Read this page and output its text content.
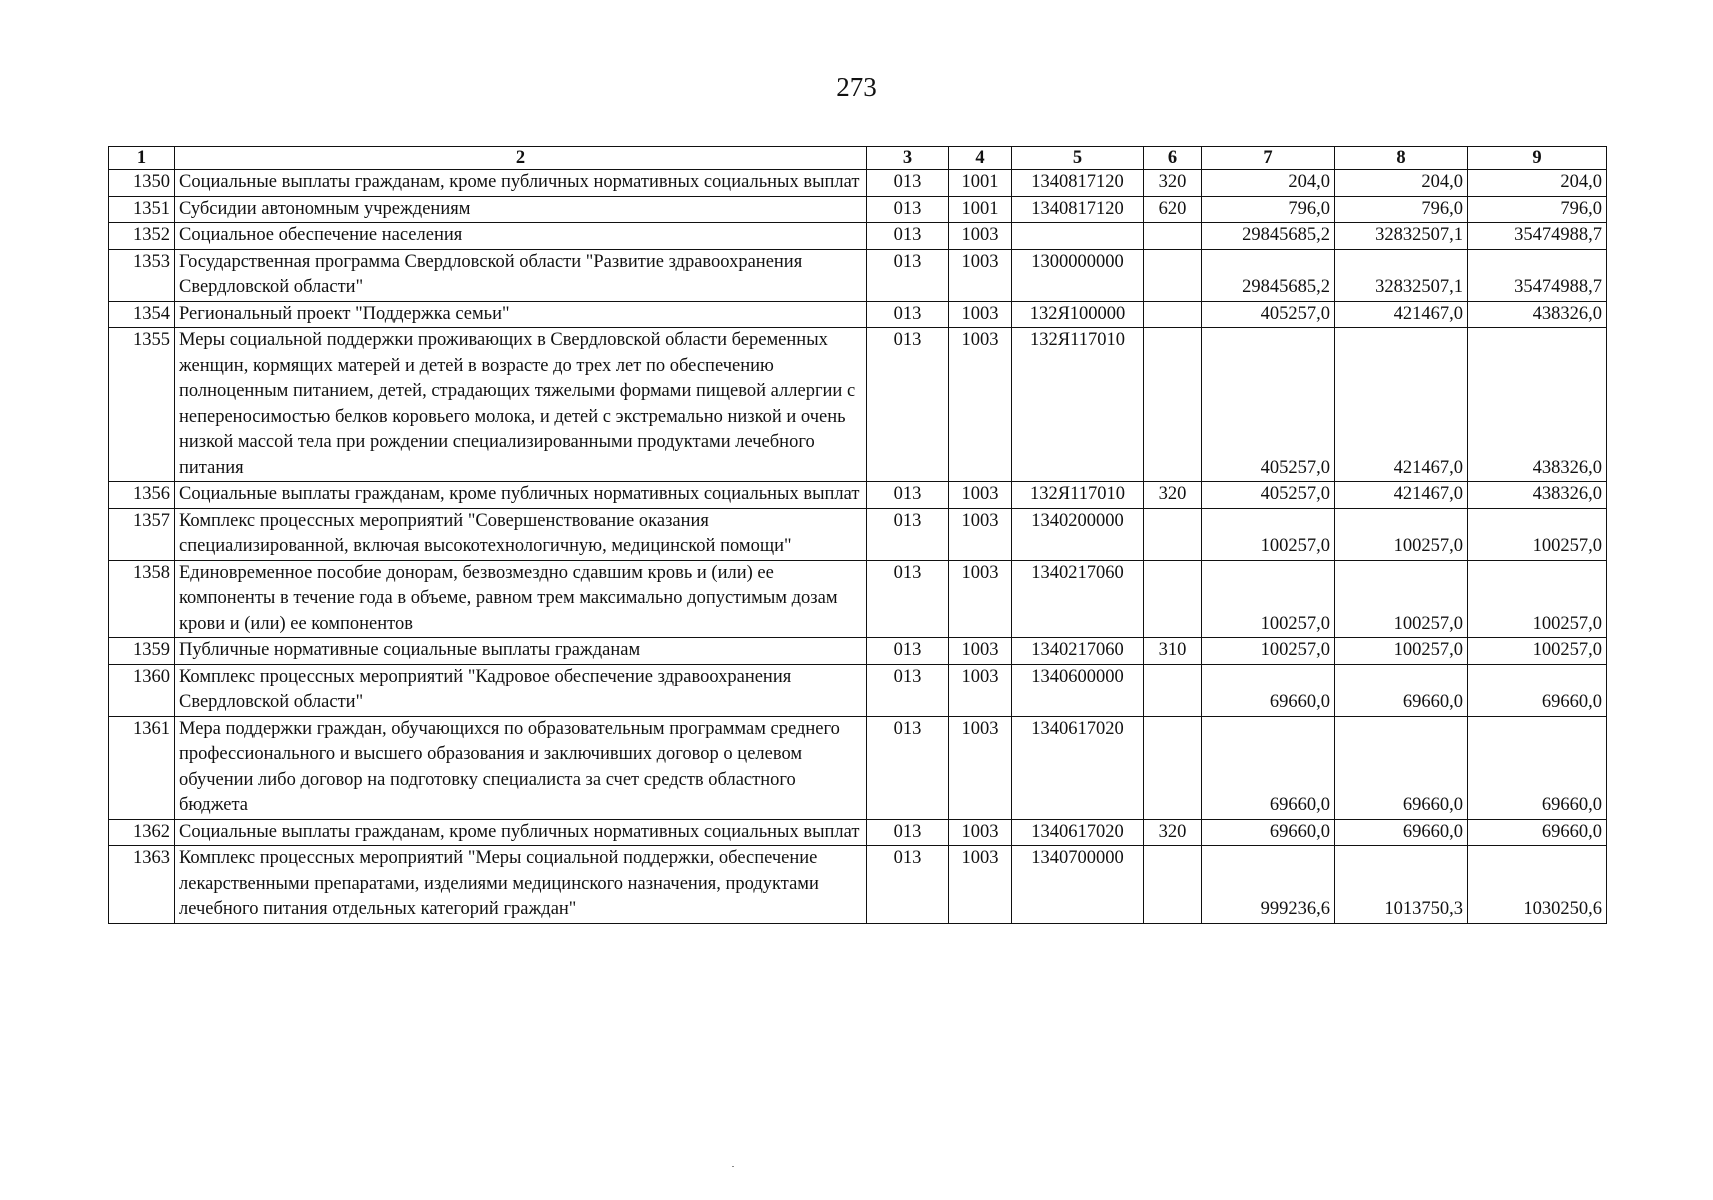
273
1	2	3	4	5	6	7	8	9
1350	Социальные выплаты гражданам, кроме публичных нормативных социальных выплат	013	1001	1340817120	320	204,0	204,0	204,0
1351	Субсидии автономным учреждениям	013	1001	1340817120	620	796,0	796,0	796,0
1352	Социальное обеспечение населения	013	1003			29845685,2	32832507,1	35474988,7
1353	Государственная программа Свердловской области "Развитие здравоохранения Свердловской области"	013	1003	1300000000		29845685,2	32832507,1	35474988,7
1354	Региональный проект "Поддержка семьи"	013	1003	132Я100000		405257,0	421467,0	438326,0
1355	Меры социальной поддержки проживающих в Свердловской области беременных женщин, кормящих матерей и детей в возрасте до трех лет по обеспечению полноценным питанием, детей, страдающих тяжелыми формами пищевой аллергии с непереносимостью белков коровьего молока, и детей с экстремально низкой и очень низкой массой тела при рождении специализированными продуктами лечебного питания	013	1003	132Я117010		405257,0	421467,0	438326,0
1356	Социальные выплаты гражданам, кроме публичных нормативных социальных выплат	013	1003	132Я117010	320	405257,0	421467,0	438326,0
1357	Комплекс процессных мероприятий "Совершенствование оказания специализированной, включая высокотехнологичную, медицинской помощи"	013	1003	1340200000		100257,0	100257,0	100257,0
1358	Единовременное пособие донорам, безвозмездно сдавшим кровь и (или) ее компоненты в течение года в объеме, равном трем максимально допустимым дозам крови и (или) ее компонентов	013	1003	1340217060		100257,0	100257,0	100257,0
1359	Публичные нормативные социальные выплаты гражданам	013	1003	1340217060	310	100257,0	100257,0	100257,0
1360	Комплекс процессных мероприятий "Кадровое обеспечение здравоохранения Свердловской области"	013	1003	1340600000		69660,0	69660,0	69660,0
1361	Мера поддержки граждан, обучающихся по образовательным программам среднего профессионального и высшего образования и заключивших договор о целевом обучении либо договор на подготовку специалиста за счет средств областного бюджета	013	1003	1340617020		69660,0	69660,0	69660,0
1362	Социальные выплаты гражданам, кроме публичных нормативных социальных выплат	013	1003	1340617020	320	69660,0	69660,0	69660,0
1363	Комплекс процессных мероприятий "Меры социальной поддержки, обеспечение лекарственными препаратами, изделиями медицинского назначения, продуктами лечебного питания отдельных категорий граждан"	013	1003	1340700000		999236,6	1013750,3	1030250,6
